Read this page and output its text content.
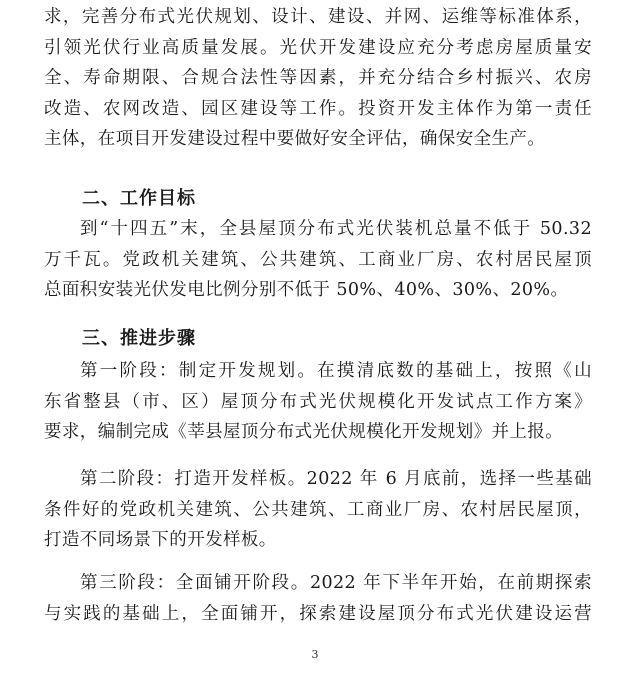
求，完善分布式光伏规划、设计、建设、并网、运维等标准体系，
引领光伏行业高质量发展。光伏开发建设应充分考虑房屋质量安
全、寿命期限、合规合法性等因素，并充分结合乡村振兴、农房
改造、农网改造、园区建设等工作。投资开发主体作为第一责任
主体，在项目开发建设过程中要做好安全评估，确保安全生产。
二、工作目标
到“十四五”末，全县屋顶分布式光伏装机总量不低于 50.32
万千瓦。党政机关建筑、公共建筑、工商业厂房、农村居民屋顶
总面积安装光伏发电比例分别不低于 50%、40%、30%、20%。
三、推进步骤
第一阶段：制定开发规划。在摸清底数的基础上，按照《山
东省整县（市、区）屋顶分布式光伏规模化开发试点工作方案》
要求，编制完成《莘县屋顶分布式光伏规模化开发规划》并上报。
第二阶段：打造开发样板。2022 年 6 月底前，选择一些基础
条件好的党政机关建筑、公共建筑、工商业厂房、农村居民屋顶，
打造不同场景下的开发样板。
第三阶段：全面铺开阶段。2022 年下半年开始，在前期探索
与实践的基础上，全面铺开，探索建设屋顶分布式光伏建设运营
3
